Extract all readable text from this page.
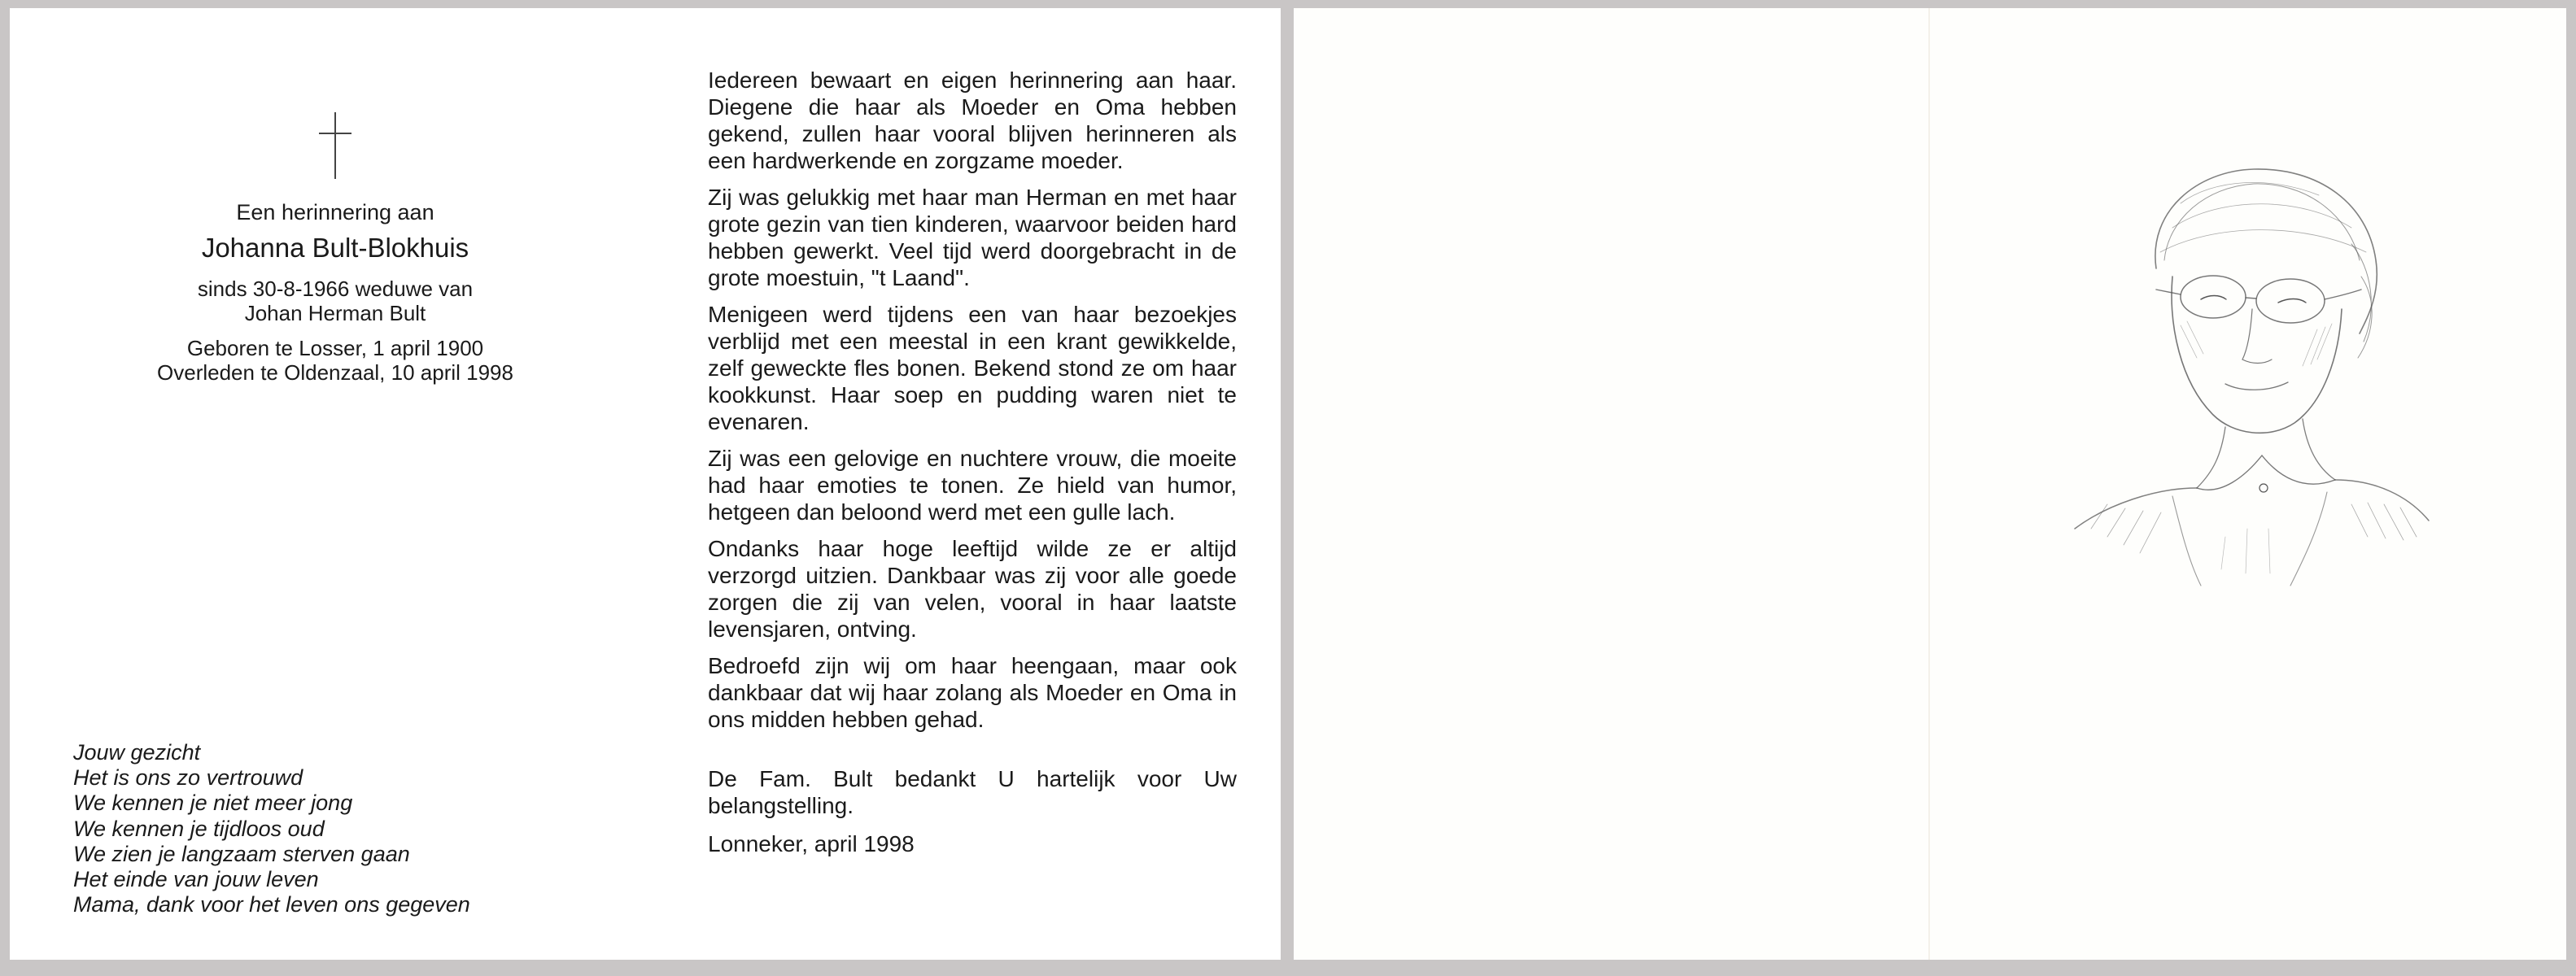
Een herinnering aan
Johanna Bult-Blokhuis
sinds 30-8-1966 weduwe van
Johan Herman Bult
Geboren te Losser, 1 april 1900
Overleden te Oldenzaal, 10 april 1998
Jouw gezicht
Het is ons zo vertrouwd
We kennen je niet meer jong
We kennen je tijdloos oud
We zien je langzaam sterven gaan
Het einde van jouw leven
Mama, dank voor het leven ons gegeven

Iedereen bewaart en eigen herinnering aan haar. Diegene die haar als Moeder en Oma hebben gekend, zullen haar vooral blijven herinneren als een hardwerkende en zorgzame moeder.

Zij was gelukkig met haar man Herman en met haar grote gezin van tien kinderen, waarvoor beiden hard hebben gewerkt. Veel tijd werd doorgebracht in de grote moestuin, "t Laand".

Menigeen werd tijdens een van haar bezoekjes verblijd met een meestal in een krant gewikkelde, zelf geweckte fles bonen. Bekend stond ze om haar kookkunst. Haar soep en pudding waren niet te evenaren.

Zij was een gelovige en nuchtere vrouw, die moeite had haar emoties te tonen. Ze hield van humor, hetgeen dan beloond werd met een gulle lach.

Ondanks haar hoge leeftijd wilde ze er altijd verzorgd uitzien. Dankbaar was zij voor alle goede zorgen die zij van velen, vooral in haar laatste levensjaren, ontving.

Bedroefd zijn wij om haar heengaan, maar ook dankbaar dat wij haar zolang als Moeder en Oma in ons midden hebben gehad.

De Fam. Bult bedankt U hartelijk voor Uw belangstelling.

Lonneker, april 1998
